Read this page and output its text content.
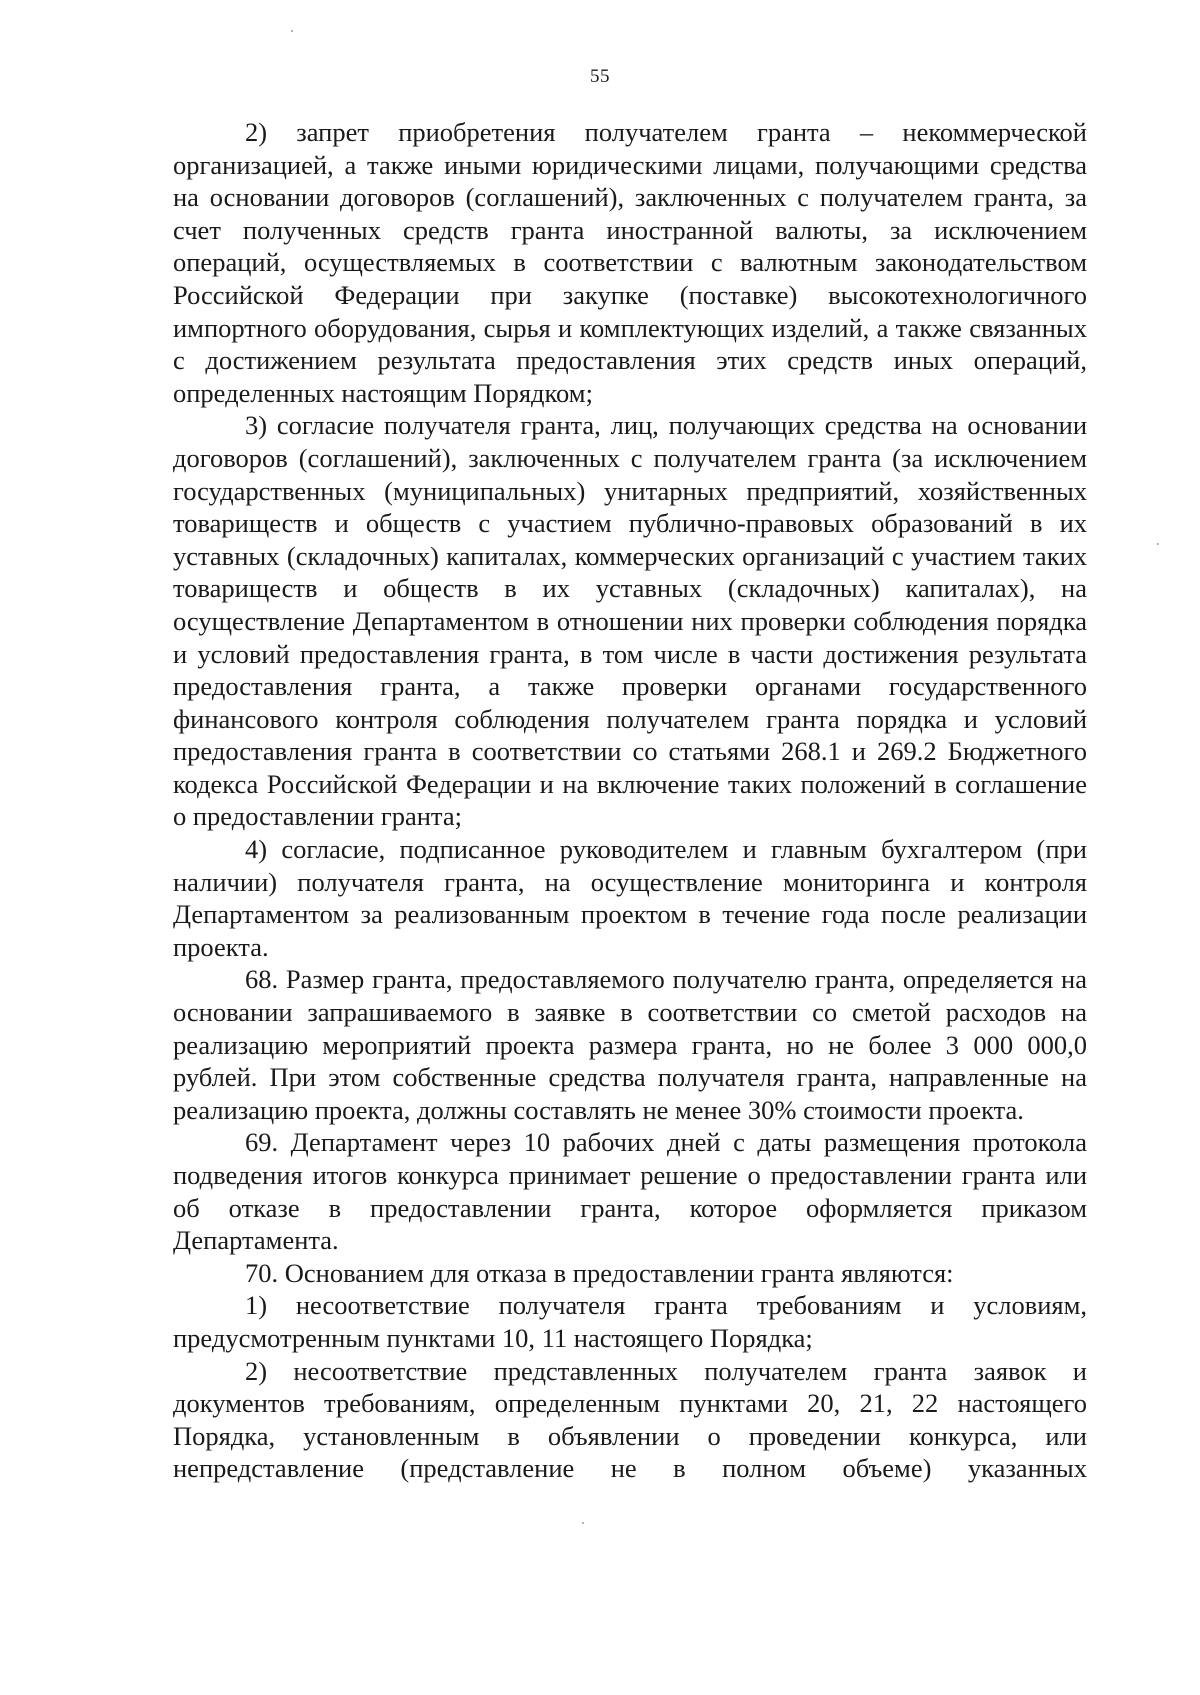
55

2) запрет приобретения получателем гранта – некоммерческой организацией, а также иными юридическими лицами, получающими средства на основании договоров (соглашений), заключенных с получателем гранта, за счет полученных средств гранта иностранной валюты, за исключением операций, осуществляемых в соответствии с валютным законодательством Российской Федерации при закупке (поставке) высокотехнологичного импортного оборудования, сырья и комплектующих изделий, а также связанных с достижением результата предоставления этих средств иных операций, определенных настоящим Порядком;

3) согласие получателя гранта, лиц, получающих средства на основании договоров (соглашений), заключенных с получателем гранта (за исключением государственных (муниципальных) унитарных предприятий, хозяйственных товариществ и обществ с участием публично-правовых образований в их уставных (складочных) капиталах, коммерческих организаций с участием таких товариществ и обществ в их уставных (складочных) капиталах), на осуществление Департаментом в отношении них проверки соблюдения порядка и условий предоставления гранта, в том числе в части достижения результата предоставления гранта, а также проверки органами государственного финансового контроля соблюдения получателем гранта порядка и условий предоставления гранта в соответствии со статьями 268.1 и 269.2 Бюджетного кодекса Российской Федерации и на включение таких положений в соглашение о предоставлении гранта;

4) согласие, подписанное руководителем и главным бухгалтером (при наличии) получателя гранта, на осуществление мониторинга и контроля Департаментом за реализованным проектом в течение года после реализации проекта.

68. Размер гранта, предоставляемого получателю гранта, определяется на основании запрашиваемого в заявке в соответствии со сметой расходов на реализацию мероприятий проекта размера гранта, но не более 3 000 000,0 рублей. При этом собственные средства получателя гранта, направленные на реализацию проекта, должны составлять не менее 30% стоимости проекта.

69. Департамент через 10 рабочих дней с даты размещения протокола подведения итогов конкурса принимает решение о предоставлении гранта или об отказе в предоставлении гранта, которое оформляется приказом Департамента.

70. Основанием для отказа в предоставлении гранта являются:

1) несоответствие получателя гранта требованиям и условиям, предусмотренным пунктами 10, 11 настоящего Порядка;

2) несоответствие представленных получателем гранта заявок и документов требованиям, определенным пунктами 20, 21, 22 настоящего Порядка, установленным в объявлении о проведении конкурса, или непредставление (представление не в полном объеме) указанных
